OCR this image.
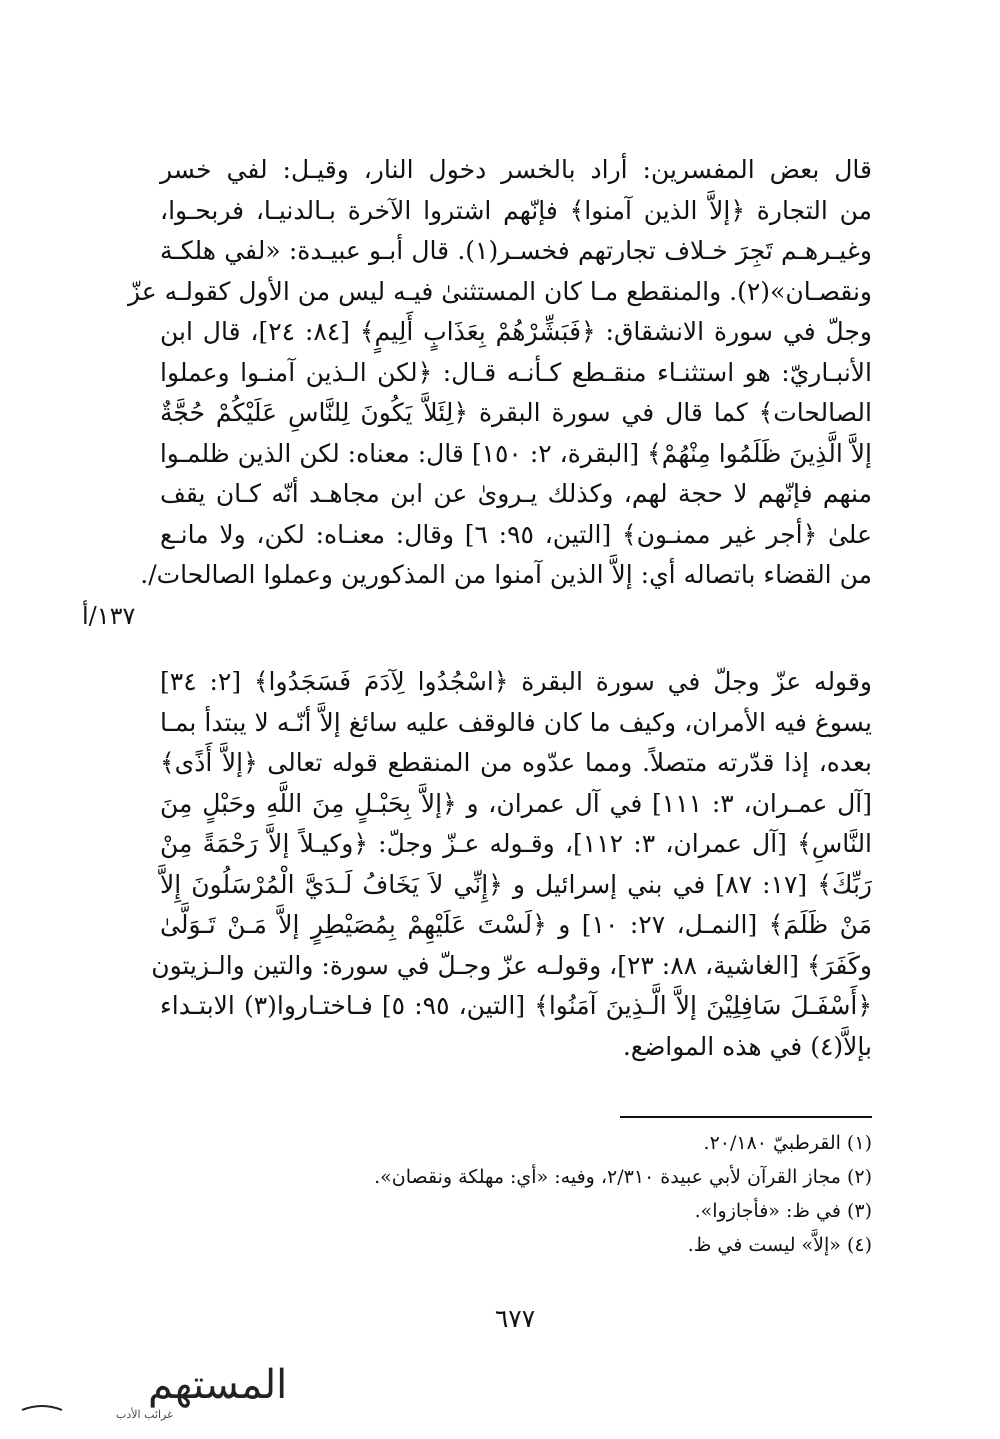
قال بعض المفسرين: أراد بالخسر دخول النار، وقيـل: لفي خسر
من التجارة ﴿إلاَّ الذين آمنوا﴾ فإنّهم اشتروا الآخرة بـالدنيـا، فربحـوا،
وغيـرهـم تَجِرَ خـلاف تجارتهم فخسـر(١). قال أبـو عبيـدة: «لفي هلكـة
ونقصـان»(٢). والمنقطع مـا كان المستثنىٰ فيـه ليس من الأول كقولـه عزّ
وجلّ في سورة الانشقاق: ﴿فَبَشِّرْهُمْ بِعَذَابٍ أَلِيمٍ﴾ [٨٤: ٢٤]، قال ابن
الأنبـاريّ: هو استثنـاء منقـطع كـأنـه قـال: ﴿لكن الـذين آمنـوا وعملوا
الصالحات﴾ كما قال في سورة البقرة ﴿لِئَلاَّ يَكُونَ لِلنَّاسِ عَلَيْكُمْ حُجَّةٌ
إلاَّ الَّذِينَ ظَلَمُوا مِنْهُمْ﴾ [البقرة، ٢: ١٥٠] قال: معناه: لكن الذين ظلمـوا
منهم فإنّهم لا حجة لهم، وكذلك يـرویٰ عن ابن مجاهـد أنّه كـان يقف
علىٰ ﴿أجر غير ممنـون﴾ [التين، ٩٥: ٦] وقال: معنـاه: لكن، ولا مانـع
من القضاء باتصاله أي: إلاَّ الذين آمنوا من المذكورين وعملوا الصالحات/.
١٣٧/أ
وقوله عزّ وجلّ في سورة البقرة ﴿اسْجُدُوا لِآدَمَ فَسَجَدُوا﴾ [٢: ٣٤]
يسوغ فيه الأمران، وكيف ما كان فالوقف عليه سائغ إلاَّ أنّـه لا يبتدأ بمـا
بعده، إذا قدّرته متصلاً. ومما عدّوه من المنقطع قوله تعالى ﴿إلاَّ أَذًى﴾
[آل عمـران، ٣: ١١١] في آل عمران، و ﴿إلاَّ بِحَبْـلٍ مِنَ اللَّهِ وحَبْلٍ مِنَ
النَّاسِ﴾ [آل عمران، ٣: ١١٢]، وقـوله عـزّ وجلّ: ﴿وكيـلاً إلاَّ رَحْمَةً مِنْ
رَبِّكَ﴾ [١٧: ٨٧] في بني إسرائيل و ﴿إِنِّي لاَ يَخَافُ لَـدَيَّ الْمُرْسَلُونَ إِلاَّ
مَنْ ظَلَمَ﴾ [النمـل، ٢٧: ١٠] و ﴿لَسْتَ عَلَيْهِمْ بِمُصَيْطِرٍ إلاَّ مَـنْ تَـوَلَّىٰ
وكَفَرَ﴾ [الغاشية، ٨٨: ٢٣]، وقولـه عزّ وجـلّ في سورة: والتين والـزيتون
﴿أَسْفَـلَ سَافِلِيْنَ إلاَّ الَّـذِينَ آمَنُوا﴾ [التين، ٩٥: ٥] فـاختـاروا(٣) الابتـداء
بإلاَّ(٤) في هذه المواضع.
(١) القرطبيّ ٢٠/١٨٠.
(٢) مجاز القرآن لأبي عبيدة ٢/٣١٠، وفيه: «أي: مهلكة ونقصان».
(٣) في ظ: «فأجازوا».
(٤) «إلاَّ» ليست في ظ.
٦٧٧
المستهم
غرائب الأدب
